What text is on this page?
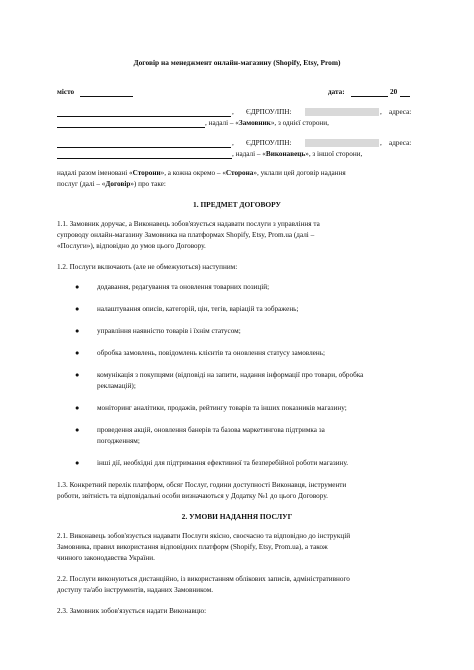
Договір на менеджмент онлайн-магазину (Shopify, Etsy, Prom)
місто	дата:	20
, ЄДРПОУ/ІПН:	, адреса:
, надалі – «Замовник», з однієї сторони,
, ЄДРПОУ/ІПН:	, адреса:
, надалі – «Виконавець», з іншої сторони,
надалі разом іменовані «Сторони», а кожна окремо – «Сторона», уклали цей договір надання
послуг (далі – «Договір») про таке:
1. ПРЕДМЕТ ДОГОВОРУ
1.1. Замовник доручає, а Виконавець зобов'язується надавати послуги з управління та
супроводу онлайн-магазину Замовника на платформах Shopify, Etsy, Prom.ua (далі –
«Послуги»), відповідно до умов цього Договору.
1.2. Послуги включають (але не обмежуються) наступним:
● додавання, редагування та оновлення товарних позицій;
● налаштування описів, категорій, цін, тегів, варіацій та зображень;
● управління наявністю товарів і їхнім статусом;
● обробка замовлень, повідомлень клієнтів та оновлення статусу замовлень;
● комунікація з покупцями (відповіді на запити, надання інформації про товари, обробка
рекламацій);
● моніторинг аналітики, продажів, рейтингу товарів та інших показників магазину;
● проведення акцій, оновлення банерів та базова маркетингова підтримка за
погодженням;
● інші дії, необхідні для підтримання ефективної та безперебійної роботи магазину.
1.3. Конкретний перелік платформ, обсяг Послуг, години доступності Виконавця, інструменти
роботи, звітність та відповідальні особи визначаються у Додатку №1 до цього Договору.
2. УМОВИ НАДАННЯ ПОСЛУГ
2.1. Виконавець зобов'язується надавати Послуги якісно, своєчасно та відповідно до інструкцій
Замовника, правил використання відповідних платформ (Shopify, Etsy, Prom.ua), а також
чинного законодавства України.
2.2. Послуги виконуються дистанційно, із використанням облікових записів, адміністративного
доступу та/або інструментів, наданих Замовником.
2.3. Замовник зобов'язується надати Виконавцю:
